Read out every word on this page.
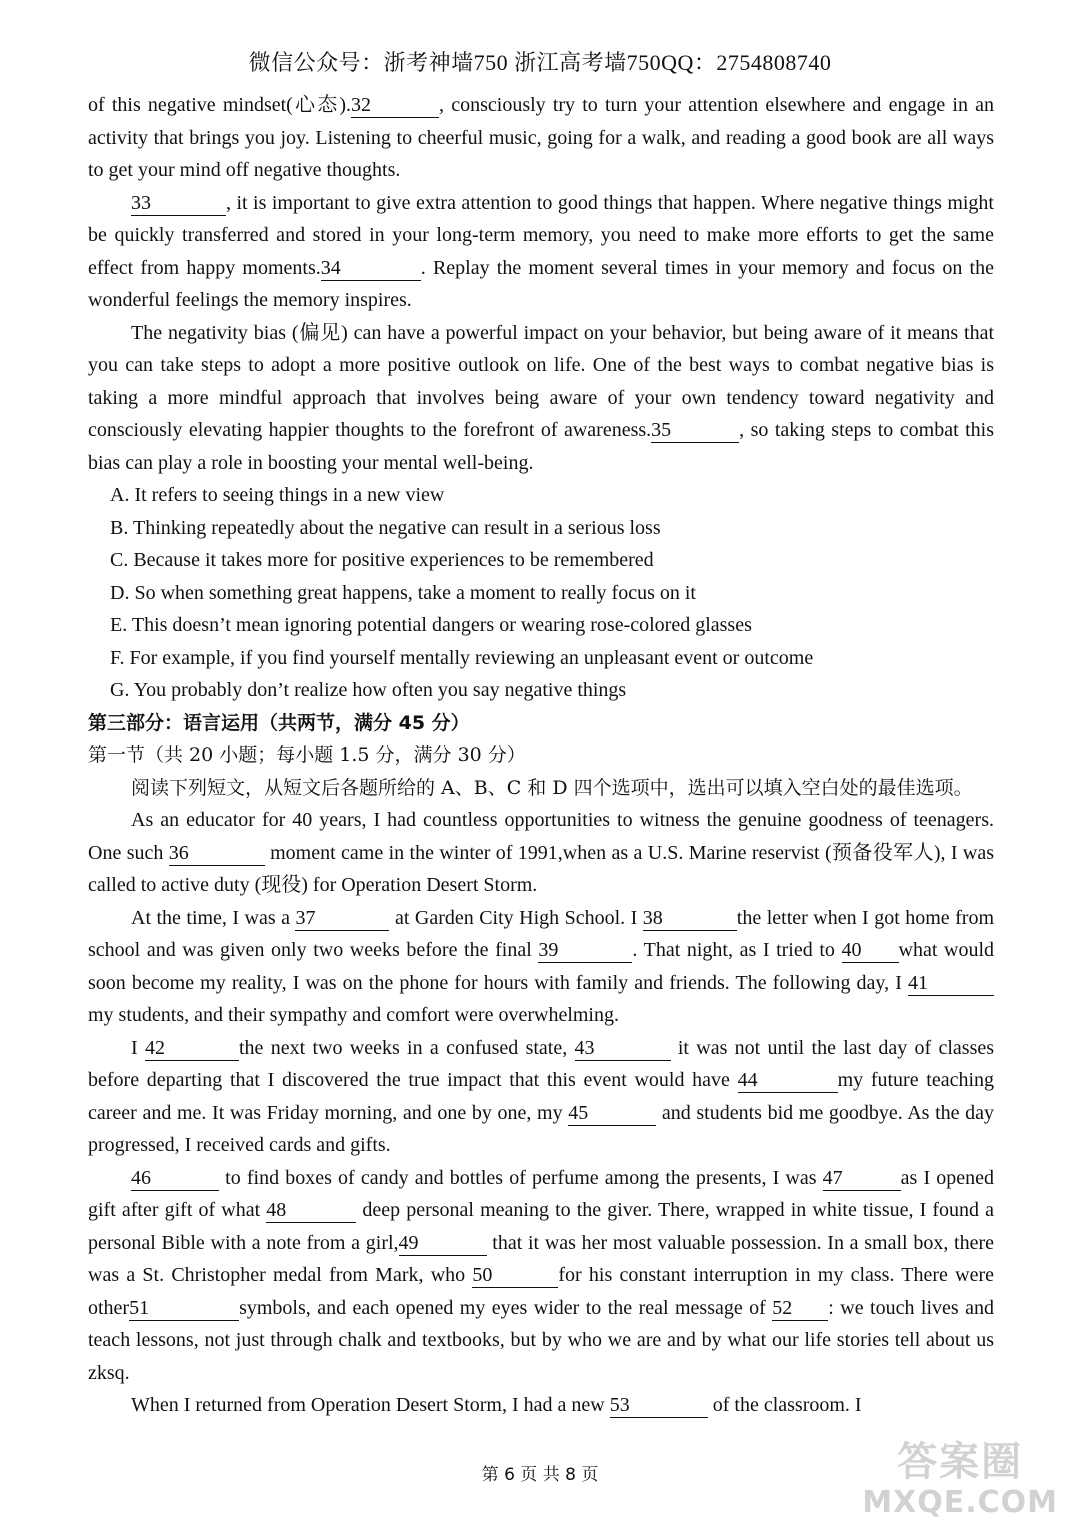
微信公众号：浙考神墙750 浙江高考墙750QQ：2754808740

of this negative mindset(心态).32	, consciously try to turn your attention elsewhere and engage in an activity that brings you joy. Listening to cheerful music, going for a walk, and reading a good book are all ways to get your mind off negative thoughts.

33	, it is important to give extra attention to good things that happen. Where negative things might be quickly transferred and stored in your long-term memory, you need to make more efforts to get the same effect from happy moments.34	. Replay the moment several times in your memory and focus on the wonderful feelings the memory inspires.

The negativity bias (偏见) can have a powerful impact on your behavior, but being aware of it means that you can take steps to adopt a more positive outlook on life. One of the best ways to combat negative bias is taking a more mindful approach that involves being aware of your own tendency toward negativity and consciously elevating happier thoughts to the forefront of awareness.35	, so taking steps to combat this bias can play a role in boosting your mental well-being.

A. It refers to seeing things in a new view

B. Thinking repeatedly about the negative can result in a serious loss

C. Because it takes more for positive experiences to be remembered

D. So when something great happens, take a moment to really focus on it

E. This doesn’t mean ignoring potential dangers or wearing rose-colored glasses

F. For example, if you find yourself mentally reviewing an unpleasant event or outcome

G. You probably don’t realize how often you say negative things

第三部分：语言运用（共两节，满分 45 分）

第一节（共 20 小题；每小题 1.5 分，满分 30 分）

阅读下列短文，从短文后各题所给的 A、B、C 和 D 四个选项中，选出可以填入空白处的最佳选项。

As an educator for 40 years, I had countless opportunities to witness the genuine goodness of teenagers. One such 36	moment came in the winter of 1991,when as a U.S. Marine reservist (预备役军人), I was called to active duty (现役) for Operation Desert Storm.

At the time, I was a 37	at Garden City High School. I 38	the letter when I got home from school and was given only two weeks before the final 39	. That night, as I tried to 40 what would soon become my reality, I was on the phone for hours with family and friends. The following day, I 41 my students, and their sympathy and comfort were overwhelming.

I 42	the next two weeks in a confused state, 43	it was not until the last day of classes before departing that I discovered the true impact that this event would have 44	my future teaching career and me. It was Friday morning, and one by one, my 45	and students bid me goodbye. As the day progressed, I received cards and gifts.

46	to find boxes of candy and bottles of perfume among the presents, I was 47	as I opened gift after gift of what 48	deep personal meaning to the giver. There, wrapped in white tissue, I found a personal Bible with a note from a girl,49	that it was her most valuable possession. In a small box, there was a St. Christopher medal from Mark, who 50	for his constant interruption in my class. There were other51	symbols, and each opened my eyes wider to the real message of 52 : we touch lives and teach lessons, not just through chalk and textbooks, but by who we are and by what our life stories tell about us zksq.

When I returned from Operation Desert Storm, I had a new 53	of the classroom. I

第 6 页 共 8 页	答案圈
MXQE.COM
